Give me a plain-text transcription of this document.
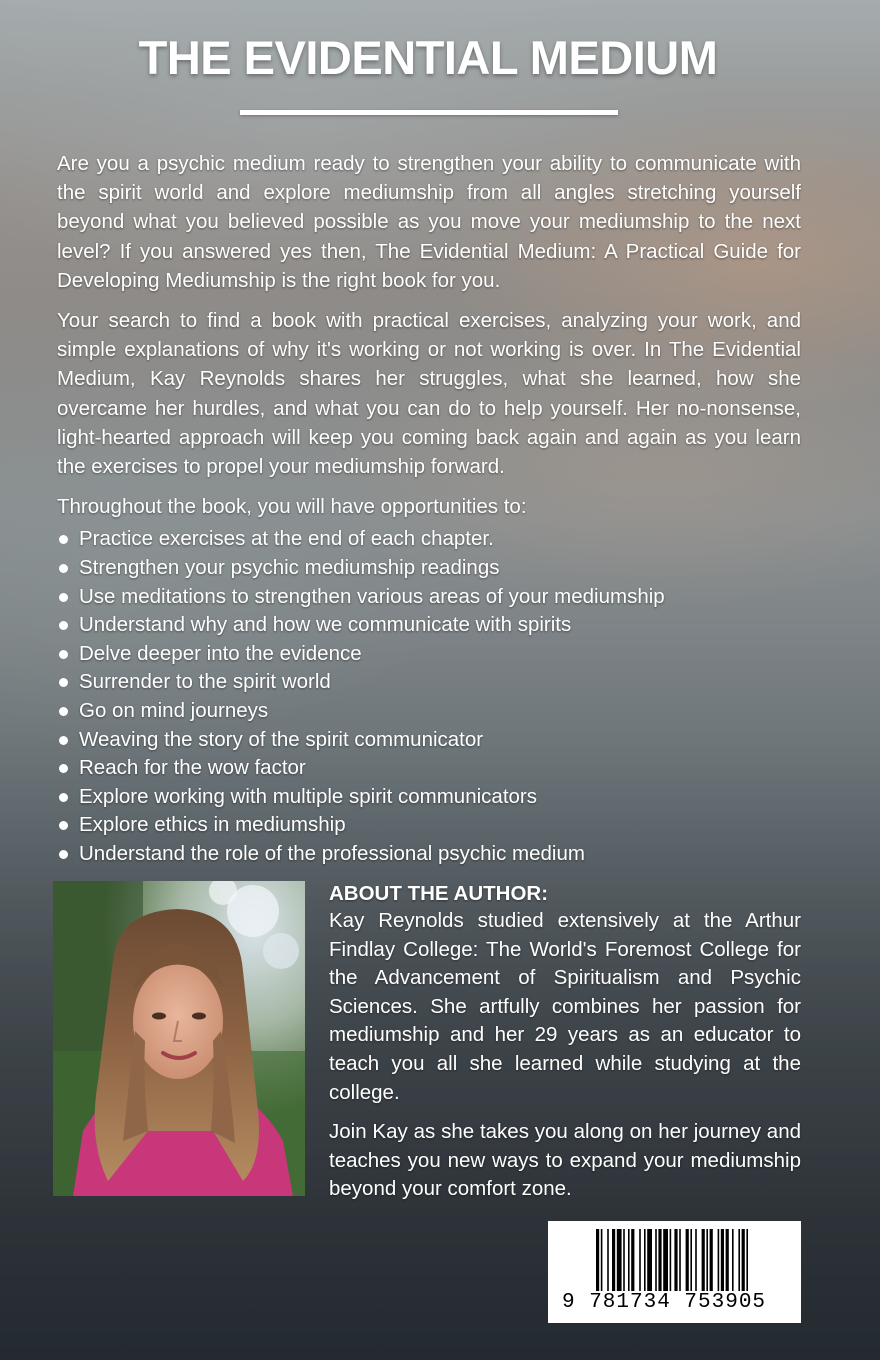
THE EVIDENTIAL MEDIUM

Are you a psychic medium ready to strengthen your ability to communicate with the spirit world and explore mediumship from all angles stretching yourself beyond what you believed possible as you move your mediumship to the next level? If you answered yes then, The Evidential Medium: A Practical Guide for Developing Mediumship is the right book for you.

Your search to find a book with practical exercises, analyzing your work, and simple explanations of why it's working or not working is over. In The Evidential Medium, Kay Reynolds shares her struggles, what she learned, how she overcame her hurdles, and what you can do to help yourself. Her no-nonsense, light-hearted approach will keep you coming back again and again as you learn the exercises to propel your mediumship forward.

Throughout the book, you will have opportunities to:

Practice exercises at the end of each chapter.
Strengthen your psychic mediumship readings
Use meditations to strengthen various areas of your mediumship
Understand why and how we communicate with spirits
Delve deeper into the evidence
Surrender to the spirit world
Go on mind journeys
Weaving the story of the spirit communicator
Reach for the wow factor
Explore working with multiple spirit communicators
Explore ethics in mediumship
Understand the role of the professional psychic medium

ABOUT THE AUTHOR:

Kay Reynolds studied extensively at the Arthur Findlay College: The World's Foremost College for the Advancement of Spiritualism and Psychic Sciences. She artfully combines her passion for mediumship and her 29 years as an educator to teach you all she learned while studying at the college.

Join Kay as she takes you along on her journey and teaches you new ways to expand your mediumship beyond your comfort zone.

9 781734 753905
